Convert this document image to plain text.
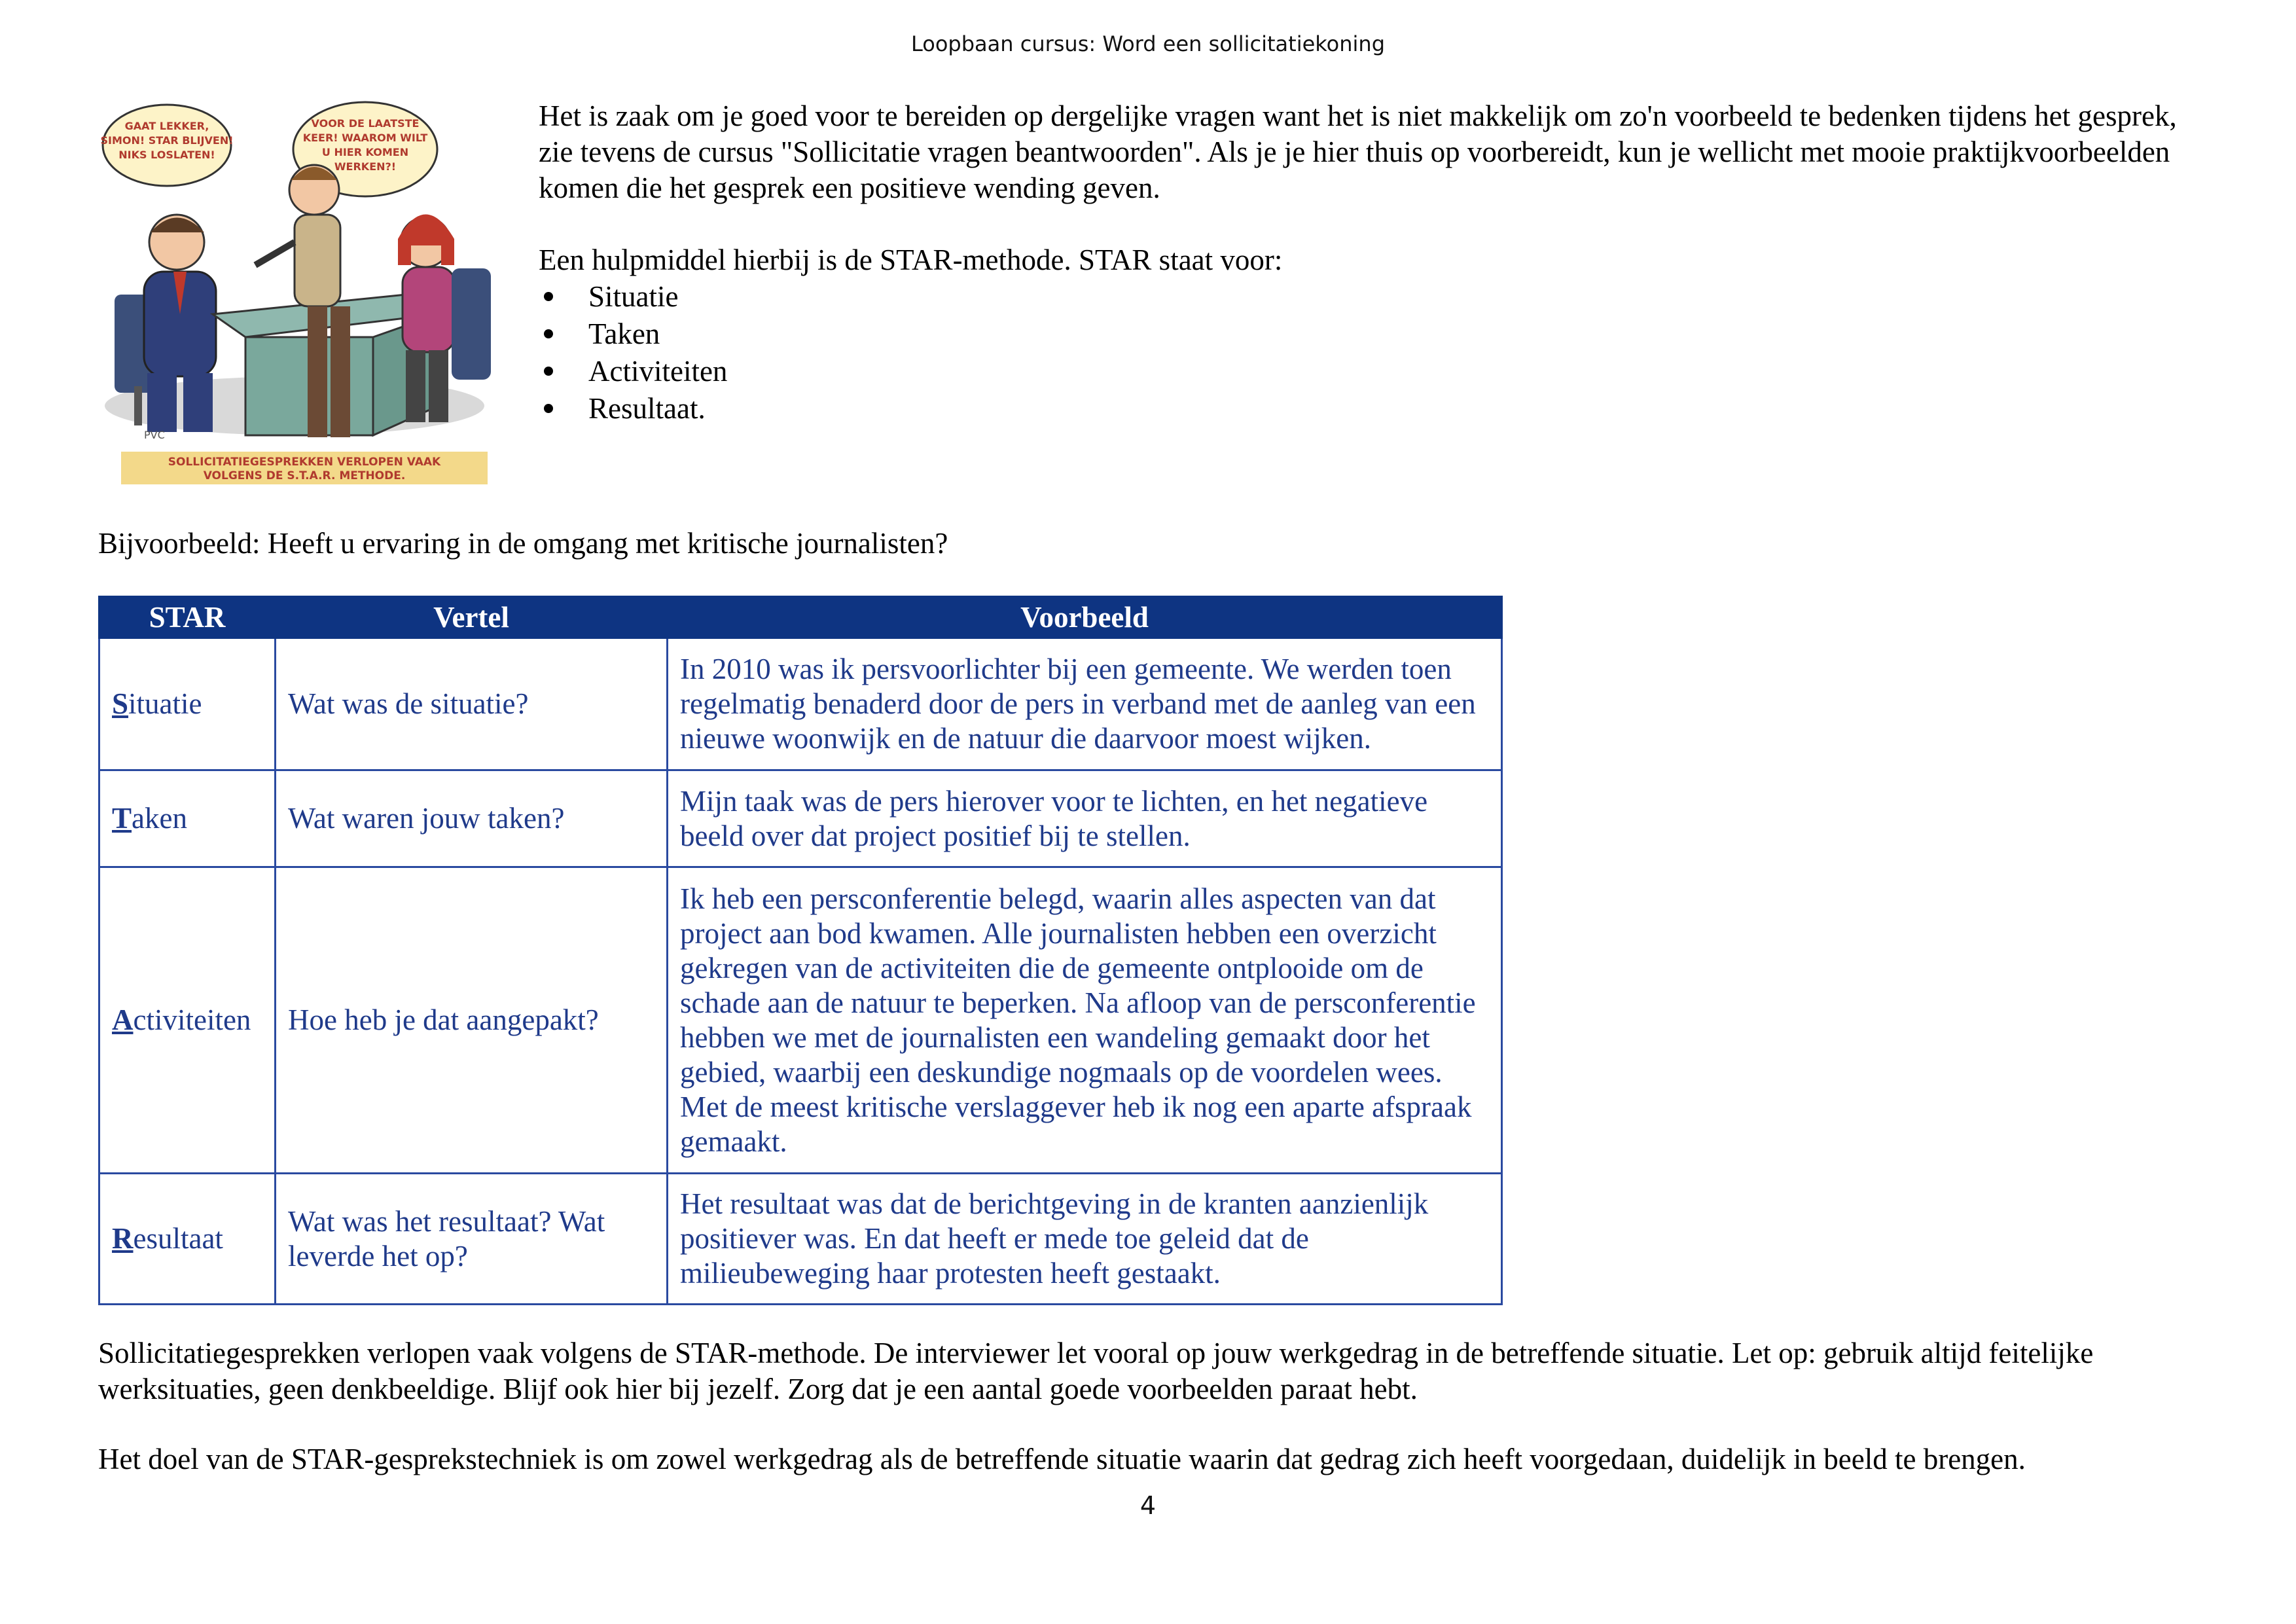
Loopbaan cursus: Word een sollicitatiekoning
GAAT LEKKER,
SIMON! STAR BLIJVEN!
NIKS LOSLATEN!
VOOR DE LAATSTE
KEER! WAAROM WILT
U HIER KOMEN
WERKEN?!
PVC
SOLLICITATIEGESPREKKEN VERLOPEN VAAK
VOLGENS DE S.T.A.R. METHODE.

Het is zaak om je goed voor te bereiden op dergelijke vragen want het is niet makkelijk om zo'n voorbeeld te bedenken tijdens het gesprek, zie tevens de cursus "Sollicitatie vragen beantwoorden". Als je je hier thuis op voorbereidt, kun je wellicht met mooie praktijkvoorbeelden komen die het gesprek een positieve wending geven.

Een hulpmiddel hierbij is de STAR-methode. STAR staat voor:

Situatie
Taken
Activiteiten
Resultaat.

Bijvoorbeeld: Heeft u ervaring in de omgang met kritische journalisten?

STAR	Vertel	Voorbeeld
Situatie	Wat was de situatie?	In 2010 was ik persvoorlichter bij een gemeente. We werden toen regelmatig benaderd door de pers in verband met de aanleg van een nieuwe woonwijk en de natuur die daarvoor moest wijken.
Taken	Wat waren jouw taken?	Mijn taak was de pers hierover voor te lichten, en het negatieve beeld over dat project positief bij te stellen.
Activiteiten	Hoe heb je dat aangepakt?	Ik heb een persconferentie belegd, waarin alles aspecten van dat project aan bod kwamen. Alle journalisten hebben een overzicht gekregen van de activiteiten die de gemeente ontplooide om de schade aan de natuur te beperken. Na afloop van de persconferentie hebben we met de journalisten een wandeling gemaakt door het gebied, waarbij een deskundige nogmaals op de voordelen wees. Met de meest kritische verslaggever heb ik nog een aparte afspraak gemaakt.
Resultaat	Wat was het resultaat? Wat leverde het op?	Het resultaat was dat de berichtgeving in de kranten aanzienlijk positiever was. En dat heeft er mede toe geleid dat de milieubeweging haar protesten heeft gestaakt.

Sollicitatiegesprekken verlopen vaak volgens de STAR-methode. De interviewer let vooral op jouw werkgedrag in de betreffende situatie. Let op: gebruik altijd feitelijke werksituaties, geen denkbeeldige. Blijf ook hier bij jezelf. Zorg dat je een aantal goede voorbeelden paraat hebt.

Het doel van de STAR-gesprekstechniek is om zowel werkgedrag als de betreffende situatie waarin dat gedrag zich heeft voorgedaan, duidelijk in beeld te brengen.

4
